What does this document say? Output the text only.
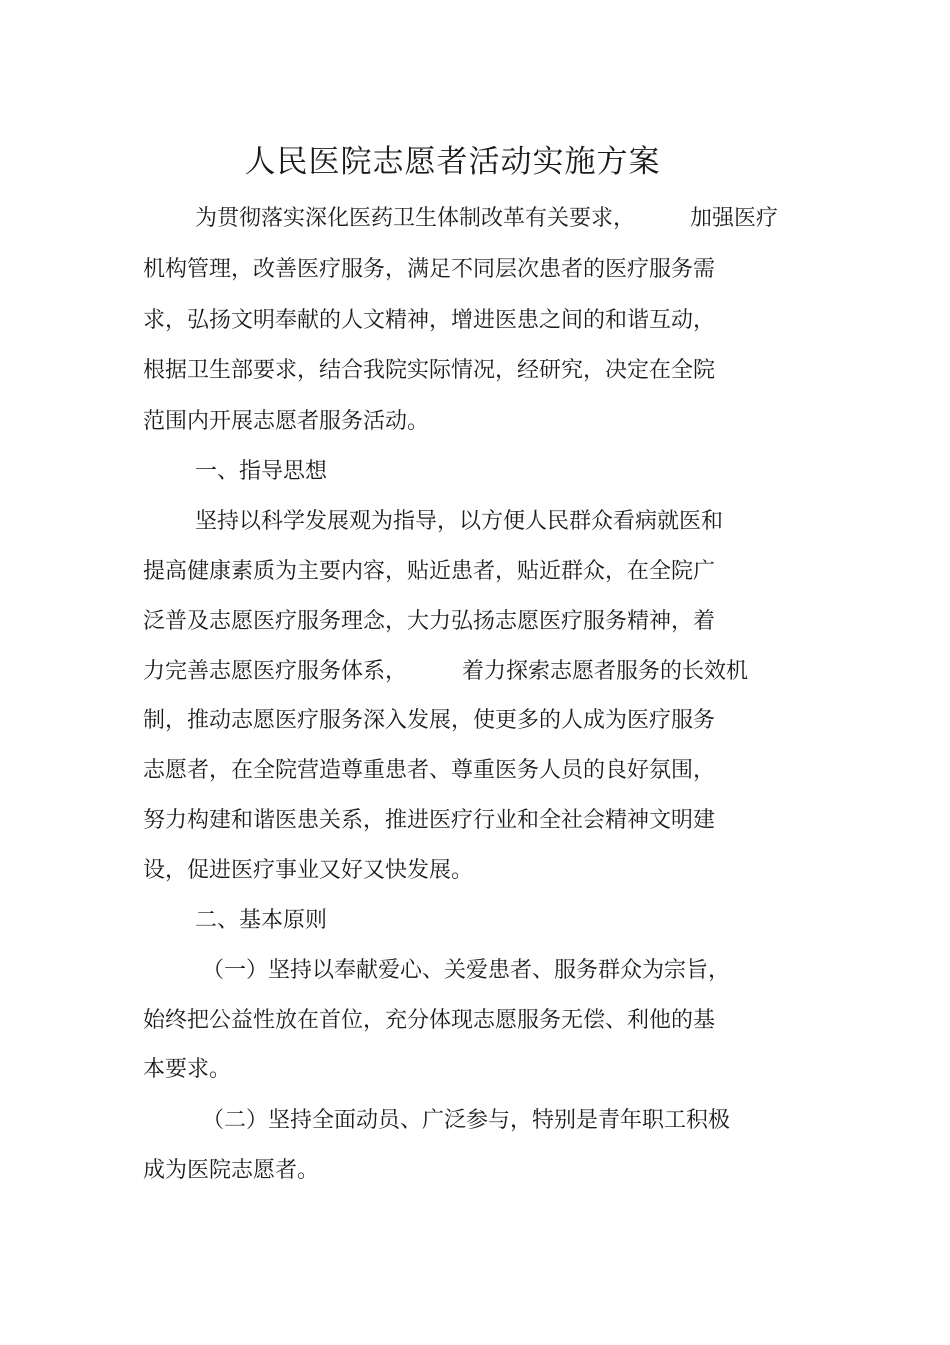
人民医院志愿者活动实施方案

为贯彻落实深化医药卫生体制改革有关要求，　　　加强医疗

机构管理，改善医疗服务，满足不同层次患者的医疗服务需

求，弘扬文明奉献的人文精神，增进医患之间的和谐互动，

根据卫生部要求，结合我院实际情况，经研究，决定在全院

范围内开展志愿者服务活动。

一、指导思想

坚持以科学发展观为指导，以方便人民群众看病就医和

提高健康素质为主要内容，贴近患者，贴近群众，在全院广

泛普及志愿医疗服务理念，大力弘扬志愿医疗服务精神，着

力完善志愿医疗服务体系，　　　着力探索志愿者服务的长效机

制，推动志愿医疗服务深入发展，使更多的人成为医疗服务

志愿者，在全院营造尊重患者、尊重医务人员的良好氛围，

努力构建和谐医患关系，推进医疗行业和全社会精神文明建

设，促进医疗事业又好又快发展。

二、基本原则

（一）坚持以奉献爱心、关爱患者、服务群众为宗旨，

始终把公益性放在首位，充分体现志愿服务无偿、利他的基

本要求。

（二）坚持全面动员、广泛参与，特别是青年职工积极

成为医院志愿者。
